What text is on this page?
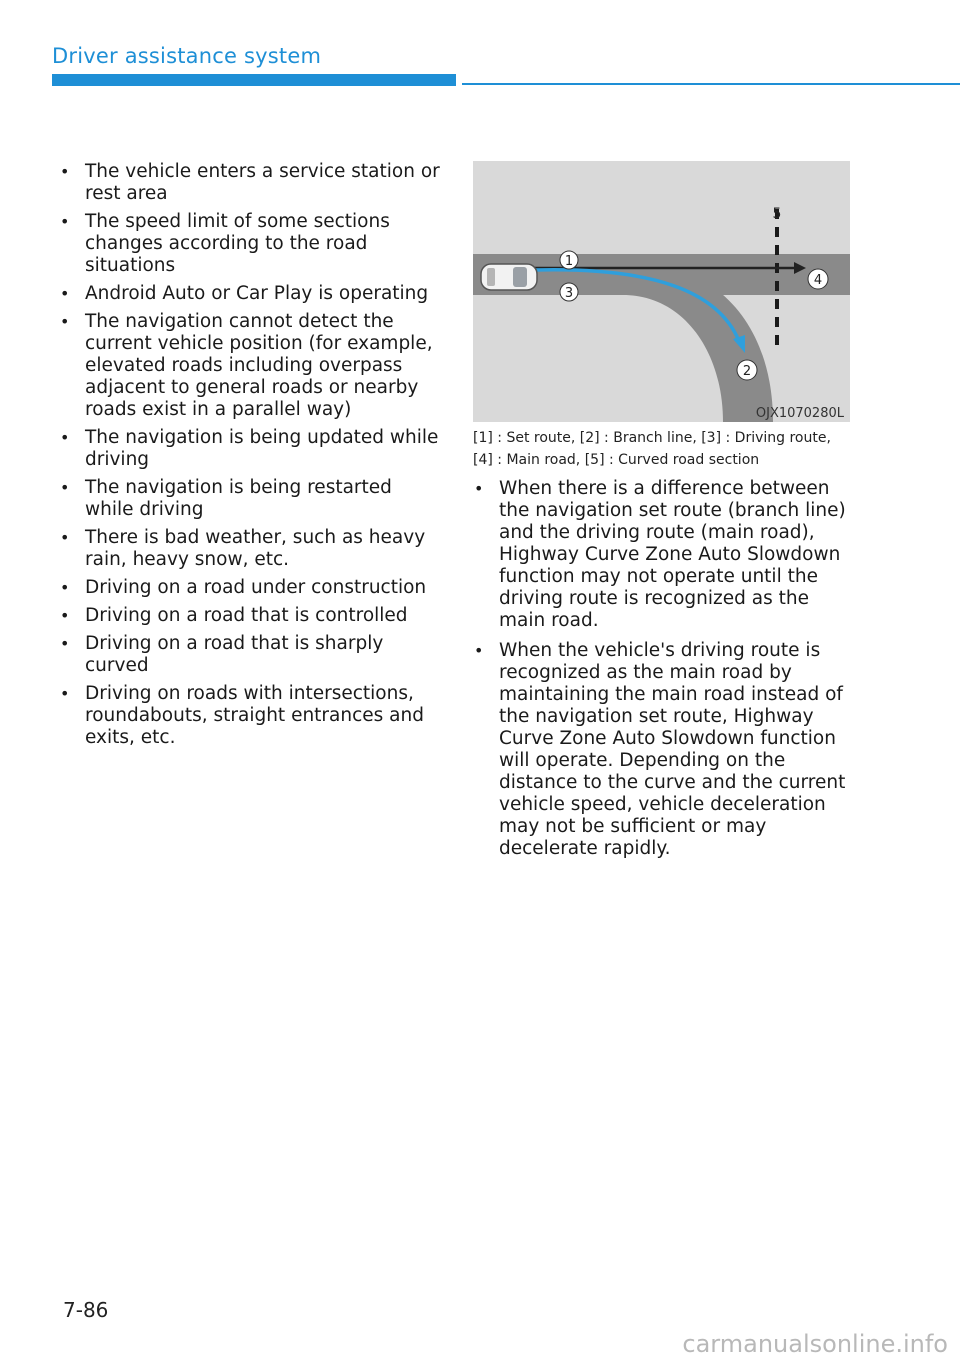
Driver assistance system
• The vehicle enters a service station or rest area
• The speed limit of some sections changes according to the road situations
• Android Auto or Car Play is operating
• The navigation cannot detect the current vehicle position (for example, elevated roads including overpass adjacent to general roads or nearby roads exist in a parallel way)
• The navigation is being updated while driving
• The navigation is being restarted while driving
• There is bad weather, such as heavy rain, heavy snow, etc.
• Driving on a road under construction
• Driving on a road that is controlled
• Driving on a road that is sharply curved
• Driving on roads with intersections, roundabouts, straight entrances and exits, etc.
1
3
4
2
5
OJX1070280L
[1] : Set route, [2] : Branch line, [3] : Driving route,
[4] : Main road, [5] : Curved road section
• When there is a difference between the navigation set route (branch line) and the driving route (main road), Highway Curve Zone Auto Slowdown function may not operate until the driving route is recognized as the main road.
• When the vehicle's driving route is recognized as the main road by maintaining the main road instead of the navigation set route, Highway Curve Zone Auto Slowdown function will operate. Depending on the distance to the curve and the current vehicle speed, vehicle deceleration may not be sufficient or may decelerate rapidly.
7-86
carmanualsonline.info
